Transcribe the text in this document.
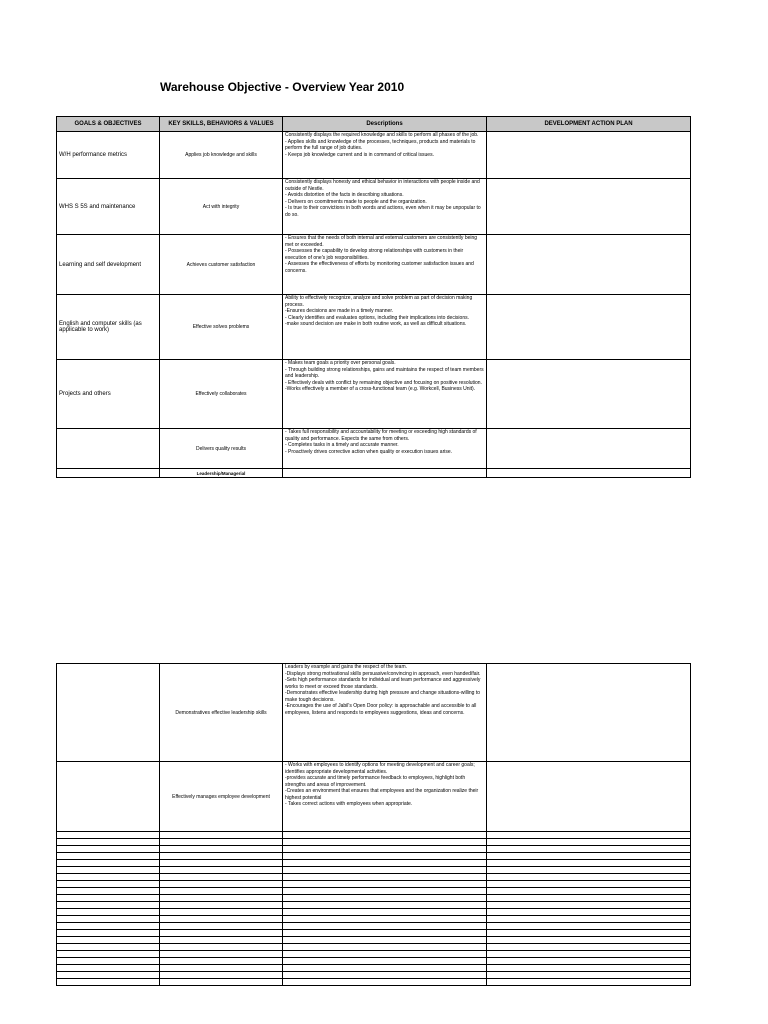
Warehouse Objective - Overview Year 2010
GOALS & OBJECTIVES	KEY SKILLS, BEHAVIORS & VALUES	Descriptions	DEVELOPMENT ACTION PLAN
W/H performance metrics	Applies job knowledge and skills	Consistently displays the required knowledge and skills to perform all phases of the job.
- Applies skills and knowledge of the processes, techniques, products and materials to perform the full range of job duties.
- Keeps job knowledge current and is in command of critical issues.	
WHS S 5S and maintenance	Act with integrity	Consistently displays honesty and ethical behavior in interactions with people inside and outside of Nestle.
- Avoids distortion of the facts in describing situations.
- Delivers on coomitments made to people and the organization.
- Is true to their convictions in both words and actions, even when it may be unpopular to do so.	
Learning and self development	Achieves customer satisfaction	- Ensures that the needs of both internal and external customers are consistently being met or exceeded.
- Possesses the capability to develop strong relationships with customers in their execution of one's job responsibilities.
- Assesses the effectiveness of efforts by monitoring customer satisfaction issues and concerns.	
English and computer skills (as applicable to work)	Effective solves problems	Ability to effectively recognize, analyze and solve problem as part of decision making process.
-Ensures decisions are made in a timely manner.
- Clearly identifies and evaluates options, including their implications into decisions.
-make sound decision are make in both routine work, as well as difficult situations.	
Projects and others	Effectively collaborates	- Makes team goals a priority over personal goals.
- Through building strong relationships, gains and maintains the respect of team members and leadership.
- Effectively deals with conflict by remaining objective and focusing on positive resolution.
-Works effectively a member of a cross-functional team (e.g. Workcell, Business Unit).	
	Delivers quality results	- Takes full responsibility and accountability for meeting or exceeding high standards of quality and performance. Expects the same from others.
- Completes tasks in a timely and accurate manner.
- Proactively drives corrective action when quality or execution issues arise.	
	Leadership/Managerial		
	Demonstratives effective leadership skills	Leaders by example and gains the respect of the team.
-Displays strong motivational skills persuasive/convincing in approach, even handed/fair.
-Sets high performance standards for individual and team performance and aggressively works to meet or exceed those standards.
-Demonstrates effective leadership during high pressure and change situations-willing to make tough decisions.
-Encourages the use of Jabil's Open Door policy: is approachable and accessible to all employees, listens and responds to employees suggestions, ideas and concerns.	
	Effectively manages employee development	- Works with employees to identify options for meeting development and career goals; identifies appropriate developmental activities.
-provides accurate and timely performance feedback to employees, highlight both strengths and areas of improvement.
-Creates an environment that ensures that employees and the organization realize their highest potential
- Takes correct actions with employees when appropriate.	
